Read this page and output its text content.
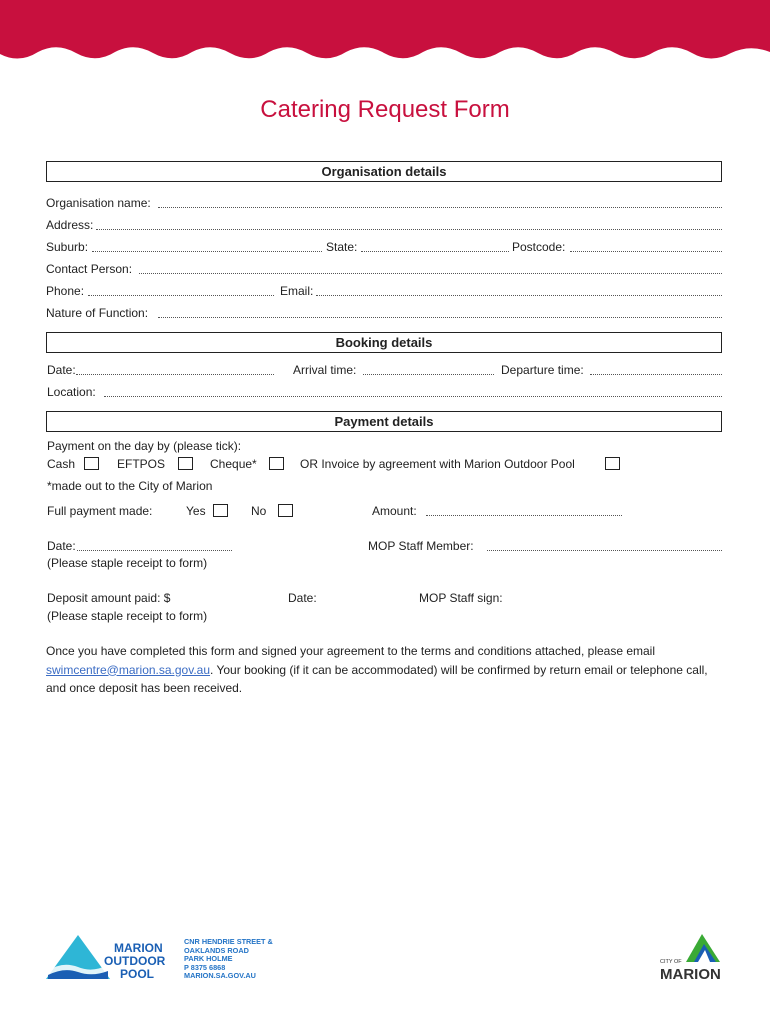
Catering Request Form
Organisation details
Organisation name:
Address:
Suburb:	State:	Postcode:
Contact Person:
Phone:	Email:
Nature of Function:
Booking details
Date:	Arrival time:	Departure time:
Location:
Payment details
Payment on the day by (please tick):
Cash	EFTPOS	Cheque*	OR Invoice by agreement with Marion Outdoor Pool
*made out to the City of Marion
Full payment made:	Yes	No	Amount:
Date:	MOP Staff Member:
(Please staple receipt to form)
Deposit amount paid: $	Date:	MOP Staff sign:
(Please staple receipt to form)
Once you have completed this form and signed your agreement to the terms and conditions attached, please email swimcentre@marion.sa.gov.au. Your booking (if it can be accommodated) will be confirmed by return email or telephone call, and once deposit has been received.
MARION
OUTDOOR
POOL
CNR HENDRIE STREET &
OAKLANDS ROAD
PARK HOLME
P 8375 6868
MARION.SA.GOV.AU
CITY OF
MARION
